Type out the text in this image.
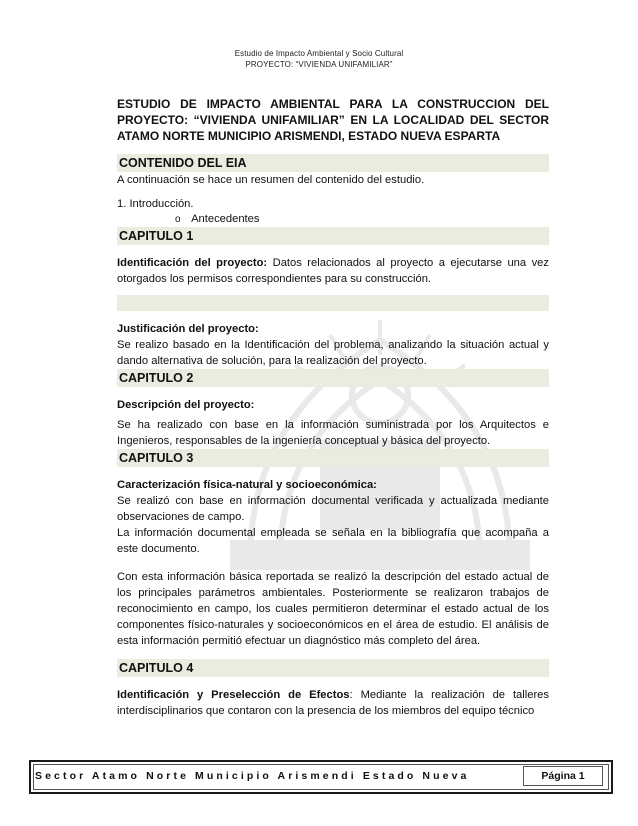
Estudio de Impacto Ambiental y Socio Cultural
PROYECTO: “VIVIENDA UNIFAMILIAR”
ESTUDIO DE IMPACTO AMBIENTAL PARA LA CONSTRUCCION DEL
PROYECTO: “VIVIENDA UNIFAMILIAR” EN LA LOCALIDAD DEL SECTOR
ATAMO NORTE MUNICIPIO ARISMENDI, ESTADO NUEVA ESPARTA
CONTENIDO DEL EIA

A continuación se hace un resumen del contenido del estudio.

1. Introducción.

o Antecedentes
CAPITULO 1

Identificación del proyecto: Datos relacionados al proyecto a ejecutarse una vez otorgados los permisos correspondientes para su construcción.

Justificación del proyecto:

Se realizo basado en la Identificación del problema, analizando la situación actual y dando alternativa de solución, para la realización del proyecto.

CAPITULO 2

Descripción del proyecto:

Se ha realizado con base en la información suministrada por los Arquitectos e Ingenieros, responsables de la ingeniería conceptual y básica del proyecto.

CAPITULO 3

Caracterización física-natural y socioeconómica:

Se realizó con base en información documental verificada y actualizada mediante observaciones de campo.

La información documental empleada se señala en la bibliografía que acompaña a este documento.

Con esta información básica reportada se realizó la descripción del estado actual de los principales parámetros ambientales. Posteriormente se realizaron trabajos de reconocimiento en campo, los cuales permitieron determinar el estado actual de los componentes físico-naturales y socioeconómicos en el área de estudio. El análisis de esta información permitió efectuar un diagnóstico más completo del área.

CAPITULO 4

Identificación y Preselección de Efectos: Mediante la realización de talleres interdisciplinarios que contaron con la presencia de los miembros del equipo técnico

Sector Atamo Norte Municipio Arismendi Estado Nueva	Página 1
